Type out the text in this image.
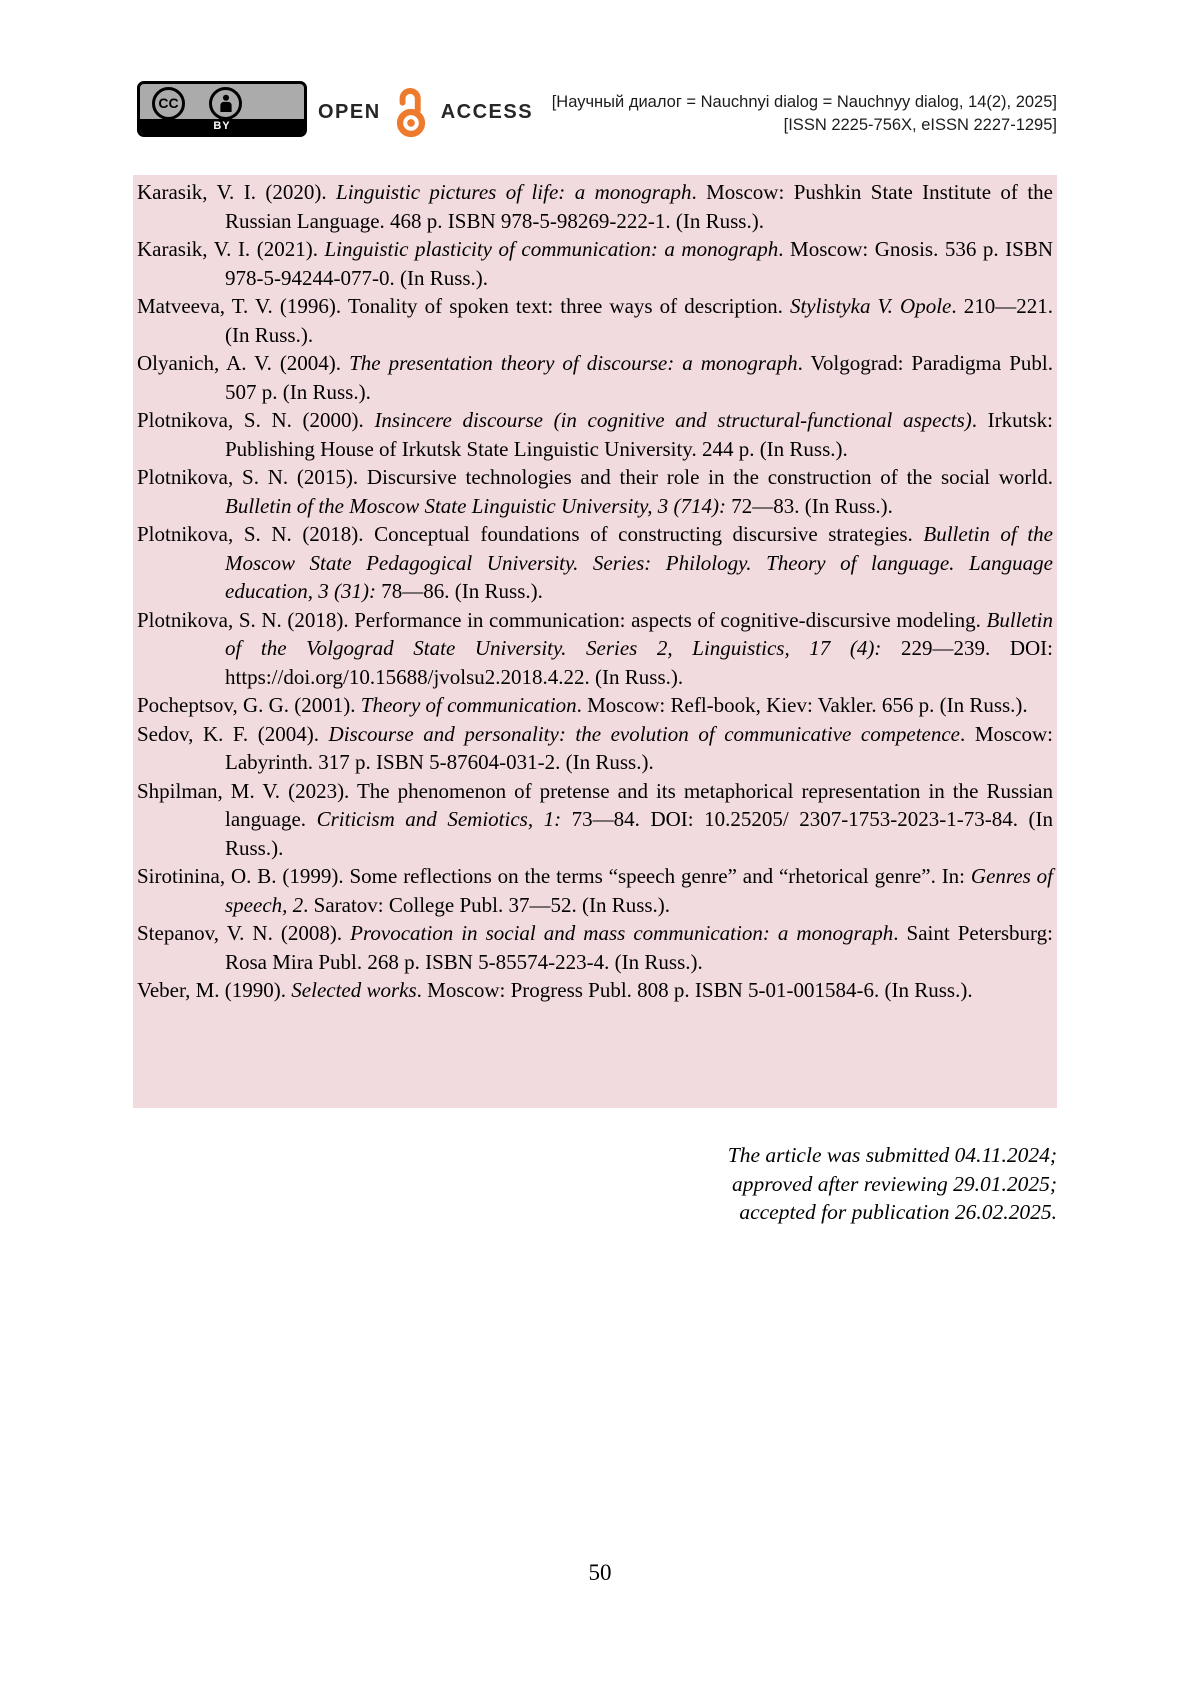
CC
BY
OPEN	ACCESS [Научный диалог = Nauchnyi dialog = Nauchnyy dialog, 14(2), 2025]
[ISSN 2225-756X, eISSN 2227-1295]
Karasik, V. I. (2020). Linguistic pictures of life: a monograph. Moscow: Pushkin State Institute of the Russian Language. 468 p. ISBN 978-5-98269-222-1. (In Russ.).
Karasik, V. I. (2021). Linguistic plasticity of communication: a monograph. Moscow: Gnosis. 536 p. ISBN 978-5-94244-077-0. (In Russ.).
Matveeva, T. V. (1996). Tonality of spoken text: three ways of description. Stylistyka V. Opole. 210—221. (In Russ.).
Olyanich, A. V. (2004). The presentation theory of discourse: a monograph. Volgograd: Paradigma Publ. 507 p. (In Russ.).
Plotnikova, S. N. (2000). Insincere discourse (in cognitive and structural-functional aspects). Irkutsk: Publishing House of Irkutsk State Linguistic University. 244 p. (In Russ.).
Plotnikova, S. N. (2015). Discursive technologies and their role in the construction of the social world. Bulletin of the Moscow State Linguistic University, 3 (714): 72—83. (In Russ.).
Plotnikova, S. N. (2018). Conceptual foundations of constructing discursive strategies. Bulletin of the Moscow State Pedagogical University. Series: Philology. Theory of language. Language education, 3 (31): 78—86. (In Russ.).
Plotnikova, S. N. (2018). Performance in communication: aspects of cognitive-discursive modeling. Bulletin of the Volgograd State University. Series 2, Linguistics, 17 (4): 229—239. DOI: https://doi.org/10.15688/jvolsu2.2018.4.22. (In Russ.).
Pocheptsov, G. G. (2001). Theory of communication. Moscow: Refl-book, Kiev: Vakler. 656 p. (In Russ.).
Sedov, K. F. (2004). Discourse and personality: the evolution of communicative competence. Moscow: Labyrinth. 317 p. ISBN 5-87604-031-2. (In Russ.).
Shpilman, M. V. (2023). The phenomenon of pretense and its metaphorical representation in the Russian language. Criticism and Semiotics, 1: 73—84. DOI: 10.25205/ 2307-1753-2023-1-73-84. (In Russ.).
Sirotinina, O. B. (1999). Some reflections on the terms “speech genre” and “rhetorical genre”. In: Genres of speech, 2. Saratov: College Publ. 37—52. (In Russ.).
Stepanov, V. N. (2008). Provocation in social and mass communication: a monograph. Saint Petersburg: Rosa Mira Publ. 268 p. ISBN 5-85574-223-4. (In Russ.).
Veber, M. (1990). Selected works. Moscow: Progress Publ. 808 p. ISBN 5-01-001584-6. (In Russ.).
The article was submitted 04.11.2024;
approved after reviewing 29.01.2025;
accepted for publication 26.02.2025.
50
